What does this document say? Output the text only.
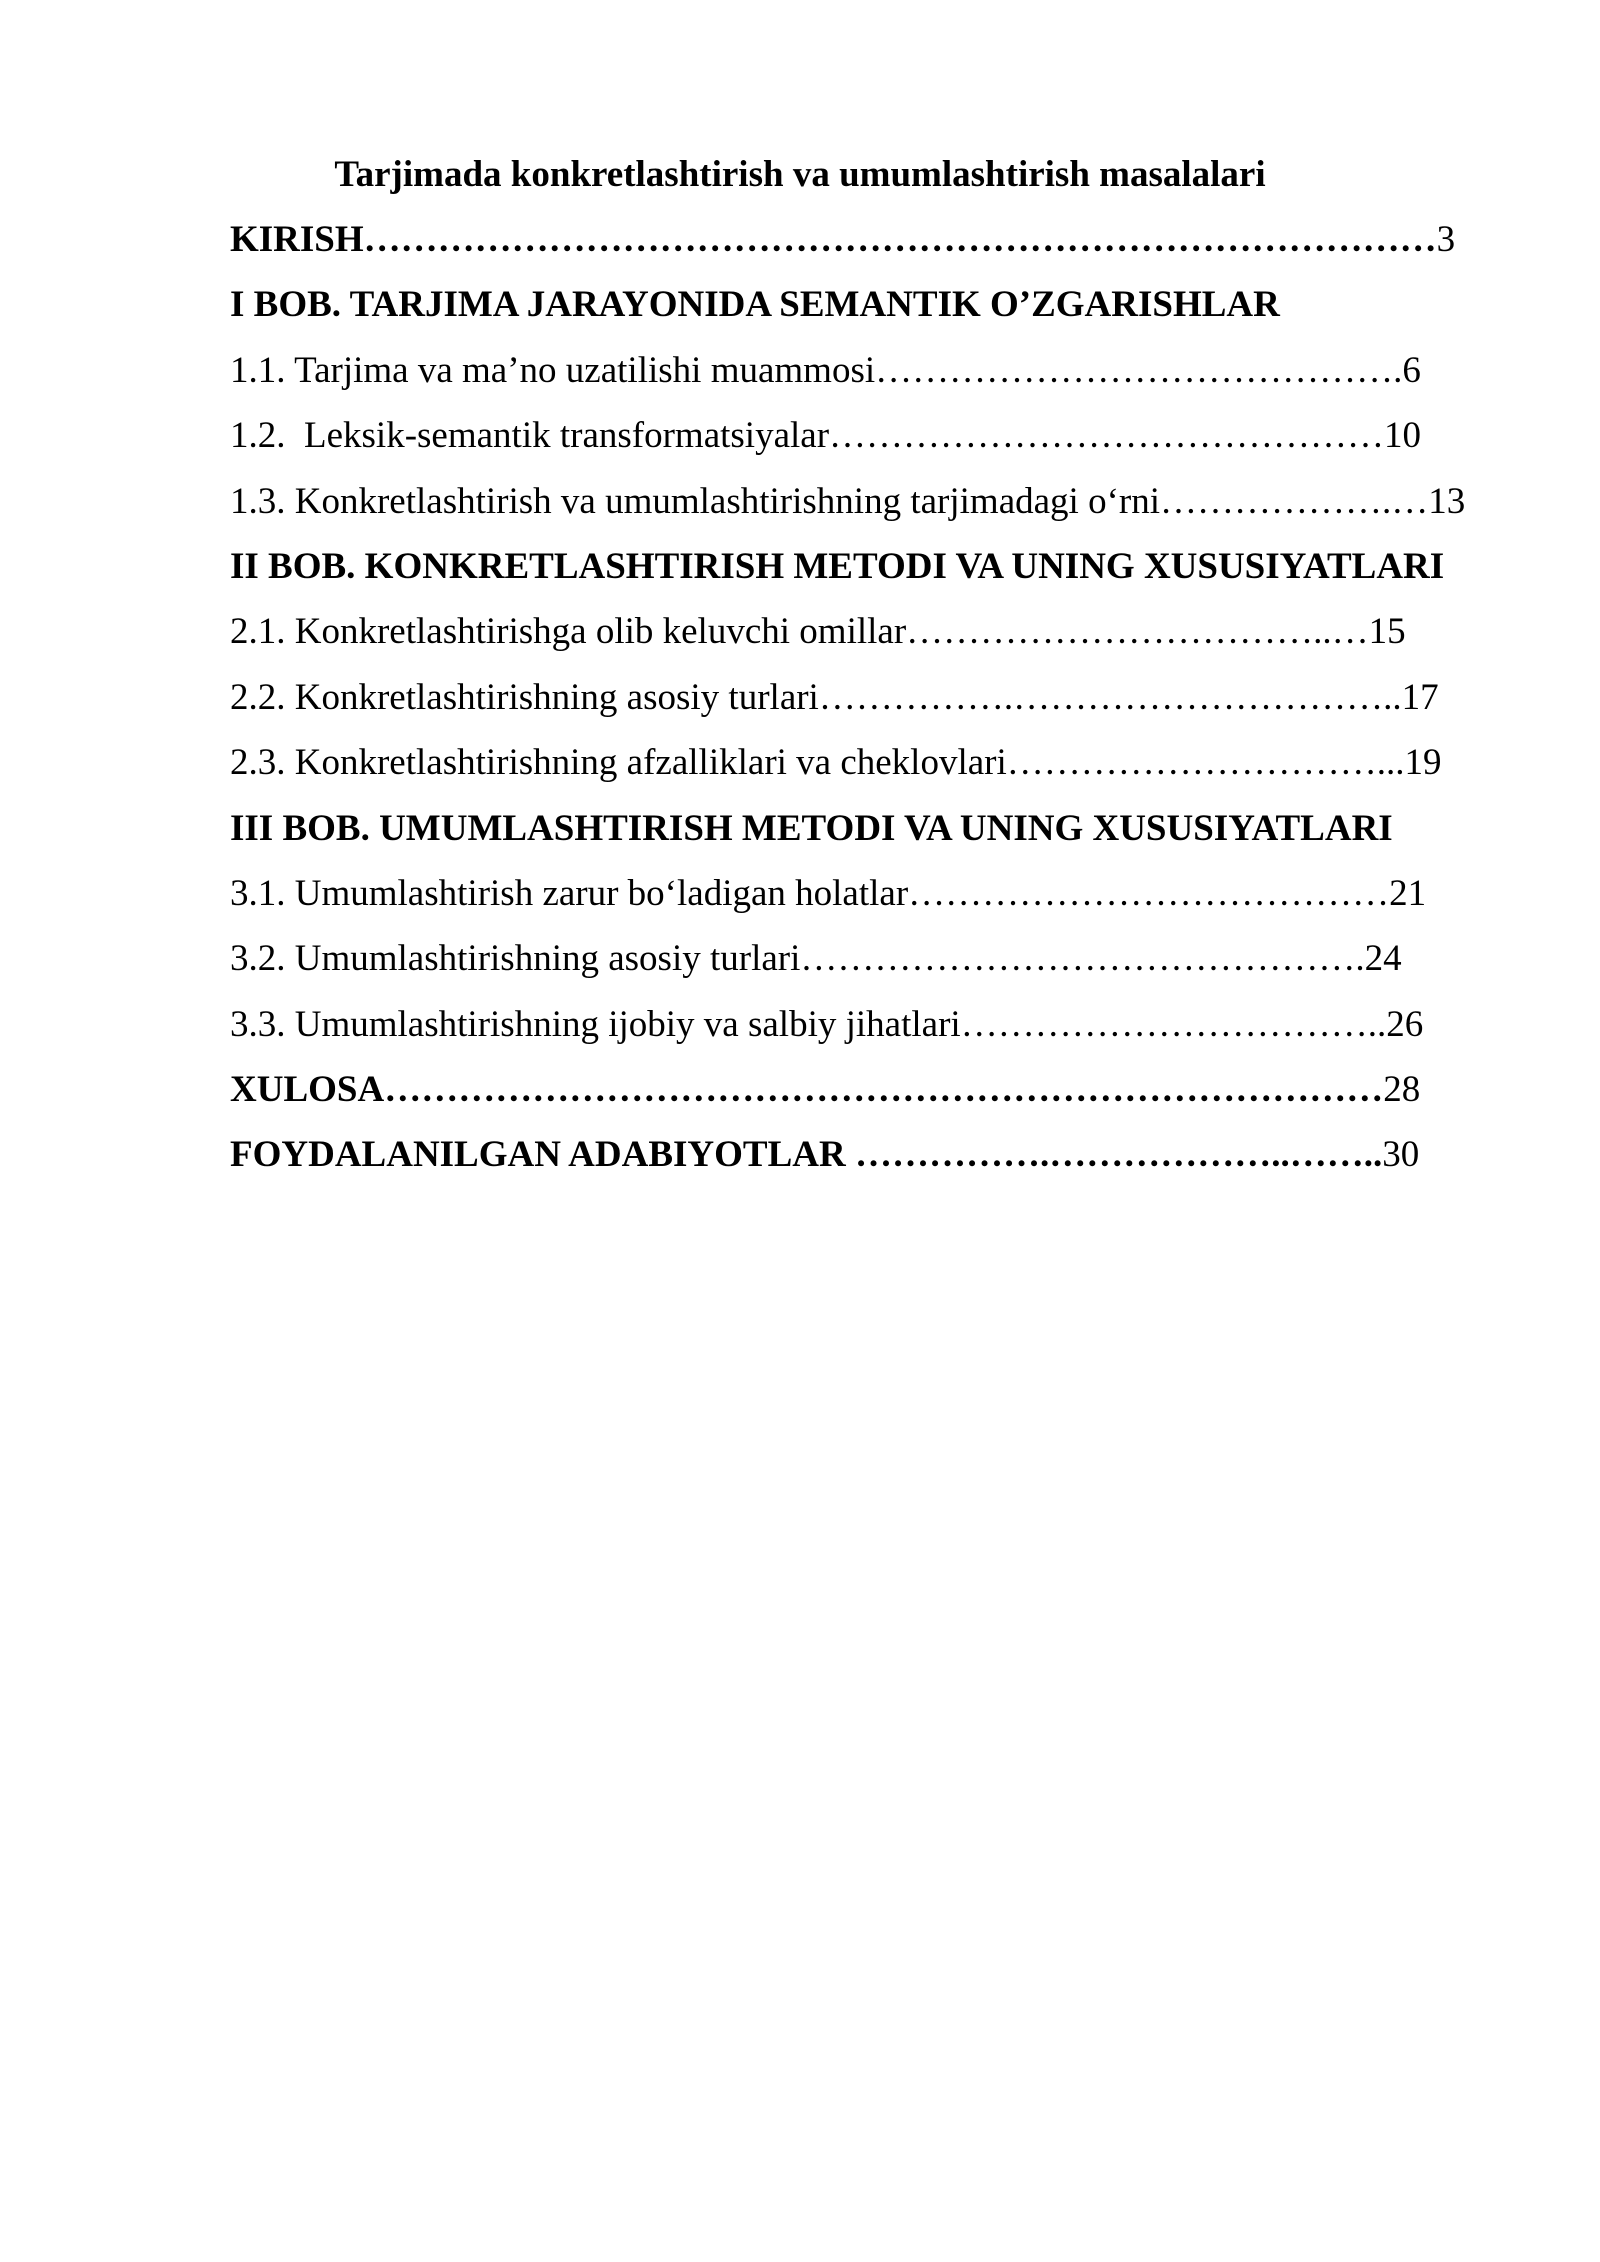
Tarjimada konkretlashtirish va umumlashtirish masalalari
KIRISH……………………………………………………………………………3
I BOB. TARJIMA JARAYONIDA SEMANTIK O’ZGARISHLAR
1.1. Tarjima va ma’no uzatilishi muammosi…………………………………….6
1.2.  Leksik-semantik transformatsiyalar………………………………………10
1.3. Konkretlashtirish va umumlashtirishning tarjimadagi o‘rni……………….…13
II BOB. KONKRETLASHTIRISH METODI VA UNING XUSUSIYATLARI
2.1. Konkretlashtirishga olib keluvchi omillar……………………………..…15
2.2. Konkretlashtirishning asosiy turlari…………….…………………………..17
2.3. Konkretlashtirishning afzalliklari va cheklovlari…………………………...19
III BOB. UMUMLASHTIRISH METODI VA UNING XUSUSIYATLARI
3.1. Umumlashtirish zarur bo‘ladigan holatlar…………………………………21
3.2. Umumlashtirishning asosiy turlari……………………………………….24
3.3. Umumlashtirishning ijobiy va salbiy jihatlari……………………………..26
XULOSA………………………………………………………………………28
FOYDALANILGAN ADABIYOTLAR …………….………………..……..30
